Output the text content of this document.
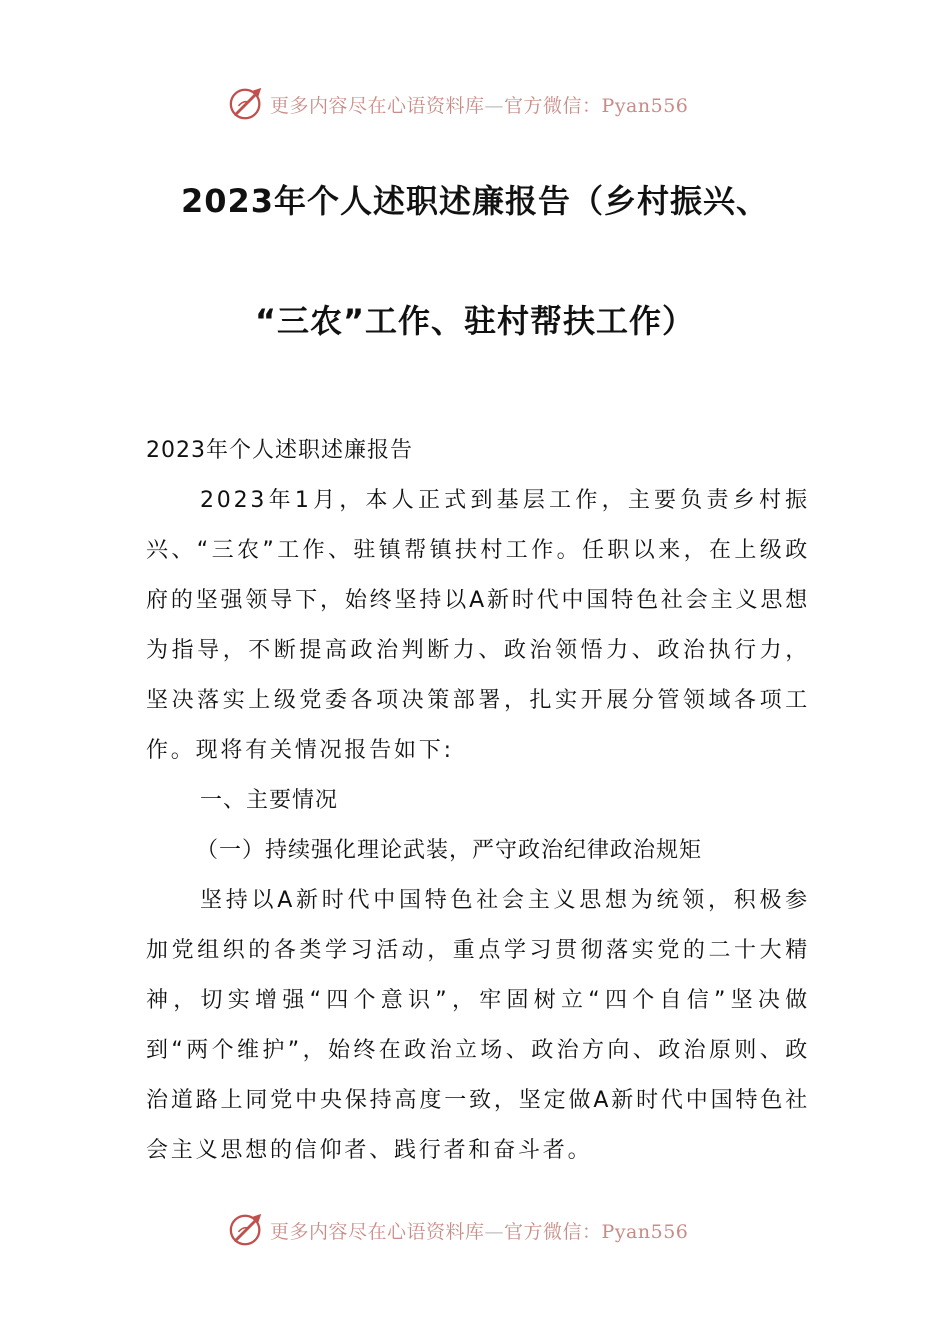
更多内容尽在心语资料库—官方微信：Pyan556
2023年个人述职述廉报告（乡村振兴、
“三农”工作、驻村帮扶工作）

2023年个人述职述廉报告

2023年1月，本人正式到基层工作，主要负责乡村振兴、“三农”工作、驻镇帮镇扶村工作。任职以来，在上级政府的坚强领导下，始终坚持以A新时代中国特色社会主义思想为指导，不断提高政治判断力、政治领悟力、政治执行力，坚决落实上级党委各项决策部署，扎实开展分管领域各项工作。现将有关情况报告如下:

一、主要情况

（一）持续强化理论武装，严守政治纪律政治规矩

坚持以A新时代中国特色社会主义思想为统领，积极参加党组织的各类学习活动，重点学习贯彻落实党的二十大精神，切实增强“四个意识”，牢固树立“四个自信”坚决做到“两个维护”，始终在政治立场、政治方向、政治原则、政治道路上同党中央保持高度一致，坚定做A新时代中国特色社会主义思想的信仰者、践行者和奋斗者。

更多内容尽在心语资料库—官方微信：Pyan556
